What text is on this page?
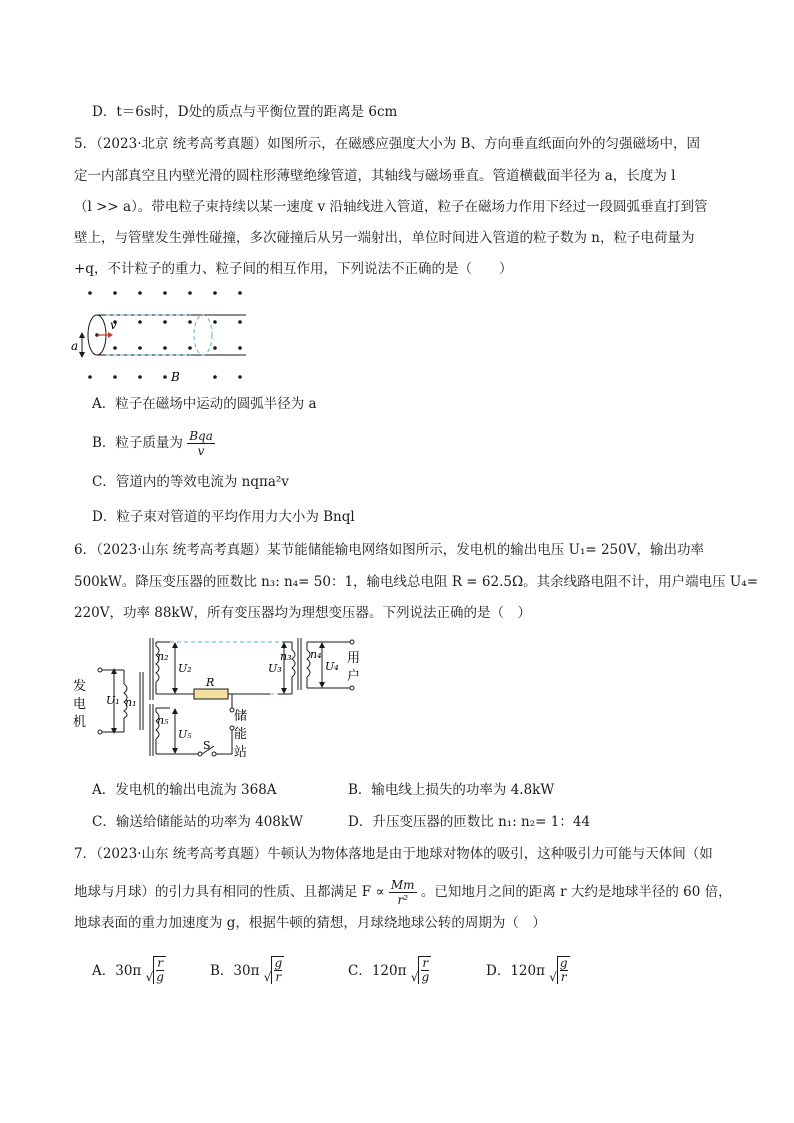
D．t＝6s时，D处的质点与平衡位置的距离是 6cm
5．（2023·北京 统考高考真题）如图所示，在磁感应强度大小为 B、方向垂直纸面向外的匀强磁场中，固
定一内部真空且内壁光滑的圆柱形薄壁绝缘管道，其轴线与磁场垂直。管道横截面半径为 a，长度为 l
（l >> a）。带电粒子束持续以某一速度 v 沿轴线进入管道，粒子在磁场力作用下经过一段圆弧垂直打到管
壁上，与管壁发生弹性碰撞，多次碰撞后从另一端射出，单位时间进入管道的粒子数为 n，粒子电荷量为
+q，不计粒子的重力、粒子间的相互作用，下列说法不正确的是（　　）
v
a
B
A．粒子在磁场中运动的圆弧半径为 a
B．粒子质量为 $\frac{\text{Bqa}}{v}$
C．管道内的等效电流为 nqπa²v
D．粒子束对管道的平均作用力大小为 Bnql
6．（2023·山东 统考高考真题）某节能储能输电网络如图所示，发电机的输出电压 U₁= 250V，输出功率
500kW。降压变压器的匝数比 n₃: n₄= 50：1，输电线总电阻 R = 62.5Ω。其余线路电阻不计，用户端电压 U₄=
220V，功率 88kW，所有变压器均为理想变压器。下列说法正确的是（　）
U₁ n₁
n₂
U₂
n₅
U₅
R
U₃
n₃ n₄
U₄
S
发
电
机
用
户
储
能
站
A．发电机的输出电流为 368A	B．输电线上损失的功率为 4.8kW
C．输送给储能站的功率为 408kW	D．升压变压器的匝数比 n₁: n₂= 1：44
7．（2023·山东 统考高考真题）牛顿认为物体落地是由于地球对物体的吸引，这种吸引力可能与天体间（如
地球与月球）的引力具有相同的性质、且都满足 $F \propto \frac{Mm}{\text{r²}}$ 。已知地月之间的距离 r 大约是地球半径的 60 倍，
地球表面的重力加速度为 g，根据牛顿的猜想，月球绕地球公转的周期为（　）
A．30π √ $\frac{r}{g}$	B．30π √ $\frac{g}{r}$	C．120π √ $\frac{r}{g}$	D．120π √ $\frac{g}{r}$
